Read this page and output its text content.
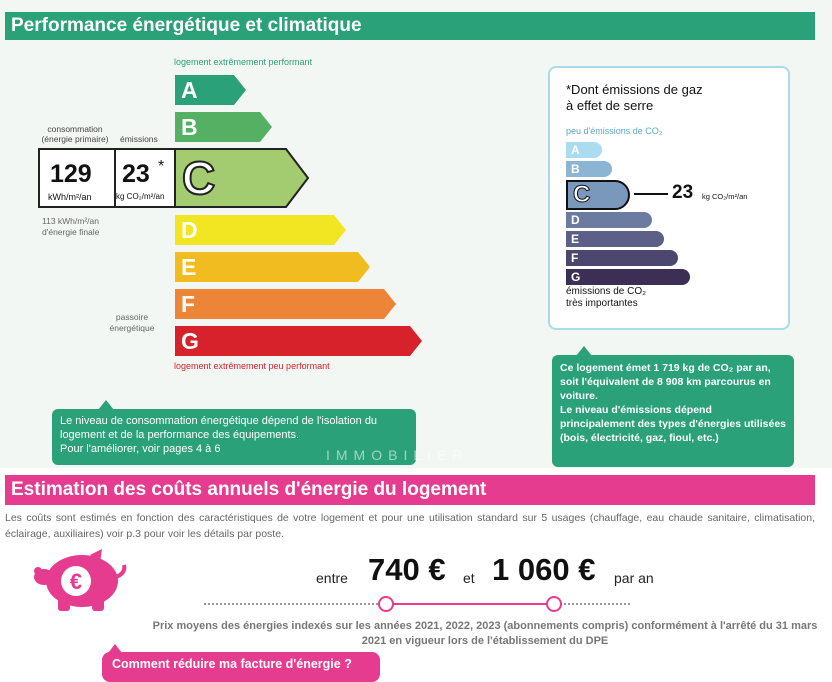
Performance énergétique et climatique
logement extrêmement performant
A
B
C
D
E
F
G
logement extrêmement peu performant
consommation
(énergie primaire) émissions
129
kWh/m²/an
23 *
kg CO₂/m²/an
113 kWh/m²/an
d'énergie finale
passoire
énergétique
Le niveau de consommation énergétique dépend de l'isolation du logement et de la performance des équipements.
Pour l'améliorer, voir pages 4 à 6	IMMOBILIER
*Dont émissions de gaz
à effet de serre
peu d'émissions de CO₂
A
B
C
D
E
F
G
23 kg CO₂/m²/an
émissions de CO₂
très importantes
Ce logement émet 1 719 kg de CO₂ par an, soit l'équivalent de 8 908 km parcourus en voiture.
Le niveau d'émissions dépend principalement des types d'énergies utilisées (bois, électricité, gaz, fioul, etc.)
Estimation des coûts annuels d'énergie du logement
Les coûts sont estimés en fonction des caractéristiques de votre logement et pour une utilisation standard sur 5 usages (chauffage, eau chaude sanitaire, climatisation, éclairage, auxiliaires) voir p.3 pour voir les détails par poste.
€	entre 740 € et 1 060 € par an
Prix moyens des énergies indexés sur les années 2021, 2022, 2023 (abonnements compris) conformément à l'arrêté du 31 mars 2021 en vigueur lors de l'établissement du DPE
Comment réduire ma facture d'énergie ?
